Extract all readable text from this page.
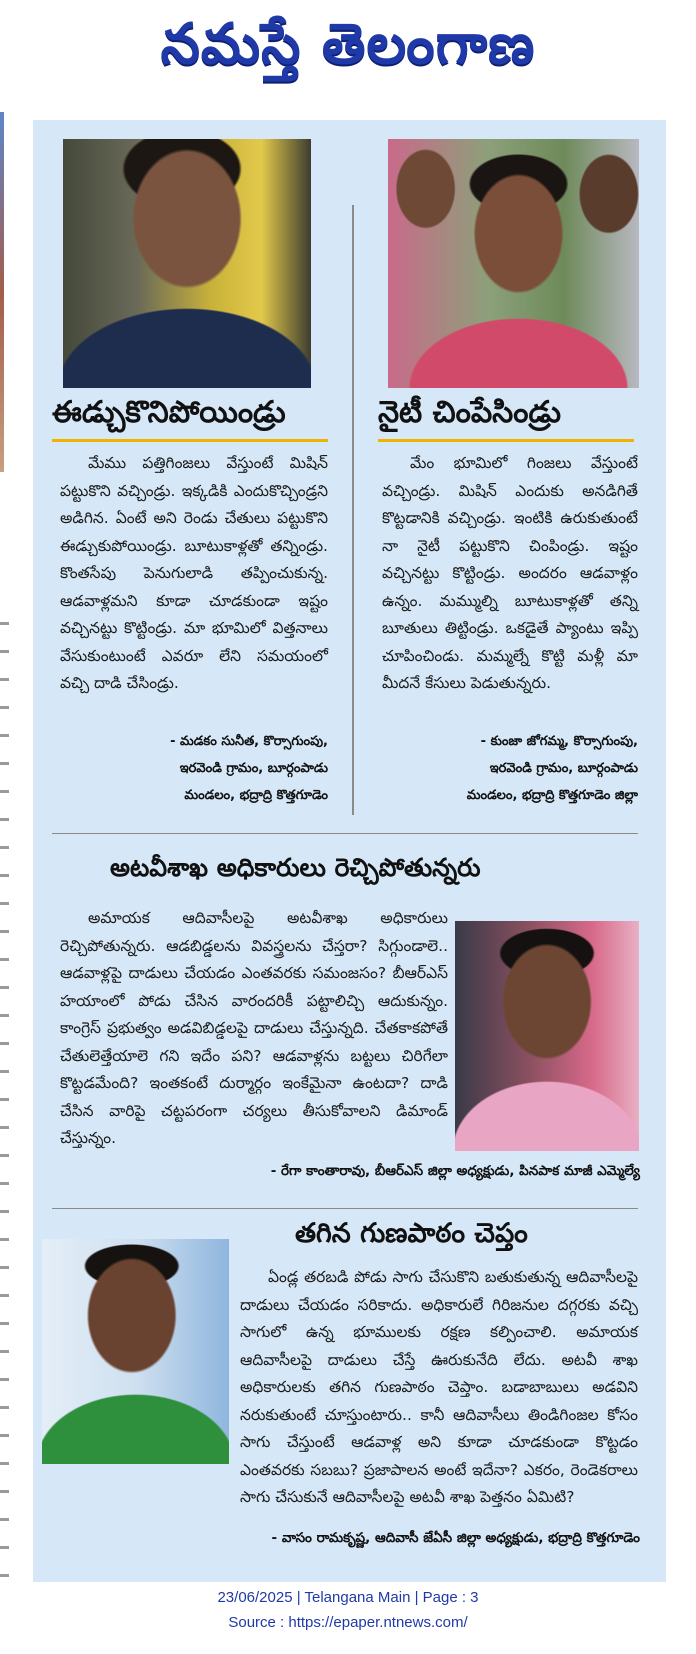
నమస్తే తెలంగాణ
ఈడ్చుకొనిపోయిండ్రు
మేము పత్తిగింజలు వేస్తుంటే మిషిన్ పట్టుకొని వచ్చిండ్రు. ఇక్కడికి ఎందుకొచ్చిండ్రని అడిగిన. ఏంటే అని రెండు చేతులు పట్టుకొని ఈడ్చుకుపోయిండ్రు. బూటుకాళ్లతో తన్నిండ్రు. కొంతసేపు పెనుగులాడి తప్పించుకున్న. ఆడవాళ్లమని కూడా చూడకుండా ఇష్టం వచ్చినట్టు కొట్టిండ్రు. మా భూమిలో విత్తనాలు వేసుకుంటుంటే ఎవరూ లేని సమయంలో వచ్చి దాడి చేసిండ్రు.
- మడకం సునీత, కొర్సాగుంపు,
ఇరవెండి గ్రామం, బూర్గంపాడు
మండలం, భద్రాద్రి కొత్తగూడెం
నైటీ చింపేసిండ్రు
మేం భూమిలో గింజలు వేస్తుంటే వచ్చిండ్రు. మిషిన్ ఎందుకు అనడిగితే కొట్టడానికి వచ్చిండ్రు. ఇంటికి ఉరుకుతుంటే నా నైటీ పట్టుకొని చింపిండ్రు. ఇష్టం వచ్చినట్టు కొట్టిండ్రు. అందరం ఆడవాళ్లం ఉన్నం. మమ్ముల్ని బూటుకాళ్లతో తన్ని బూతులు తిట్టిండ్రు. ఒకడైతే ప్యాంటు ఇప్పి చూపించిండు. మమ్మల్నే కొట్టి మళ్లీ మా మీదనే కేసులు పెడుతున్నరు.
- కుంజా జోగమ్మ, కొర్సాగుంపు,
ఇరవెండి గ్రామం, బూర్గంపాడు
మండలం, భద్రాద్రి కొత్తగూడెం జిల్లా
అటవీశాఖ అధికారులు రెచ్చిపోతున్నరు
అమాయక ఆదివాసీలపై అటవీశాఖ అధికారులు రెచ్చిపోతున్నరు. ఆడబిడ్డలను వివస్త్రలను చేస్తరా? సిగ్గుండాలె.. ఆడవాళ్లపై దాడులు చేయడం ఎంతవరకు సమంజసం? బీఆర్‌ఎస్ హయాంలో పోడు చేసిన వారందరికీ పట్టాలిచ్చి ఆదుకున్నం. కాంగ్రెస్ ప్రభుత్వం అడవిబిడ్డలపై దాడులు చేస్తున్నది. చేతకాకపోతే చేతులెత్తేయాలె గని ఇదేం పని? ఆడవాళ్లను బట్టలు చిరిగేలా కొట్టడమేంది? ఇంతకంటే దుర్మార్గం ఇంకేమైనా ఉంటదా? దాడి చేసిన వారిపై చట్టపరంగా చర్యలు తీసుకోవాలని డిమాండ్ చేస్తున్నం.
- రేగా కాంతారావు, బీఆర్‌ఎస్ జిల్లా అధ్యక్షుడు, పినపాక మాజీ ఎమ్మెల్యే
తగిన గుణపాఠం చెప్తం
ఏండ్ల తరబడి పోడు సాగు చేసుకొని బతుకుతున్న ఆదివాసీలపై దాడులు చేయడం సరికాదు. అధికారులే గిరిజనుల దగ్గరకు వచ్చి సాగులో ఉన్న భూములకు రక్షణ కల్పించాలి. అమాయక ఆదివాసీలపై దాడులు చేస్తే ఊరుకునేది లేదు. అటవీ శాఖ అధికారులకు తగిన గుణపాఠం చెప్తాం. బడాబాబులు అడవిని నరుకుతుంటే చూస్తుంటారు.. కానీ ఆదివాసీలు తిండిగింజల కోసం సాగు చేస్తుంటే ఆడవాళ్ల అని కూడా చూడకుండా కొట్టడం ఎంతవరకు సబబు? ప్రజాపాలన అంటే ఇదేనా? ఎకరం, రెండెకరాలు సాగు చేసుకునే ఆదివాసీలపై అటవీ శాఖ పెత్తనం ఏమిటి?
- వాసం రామకృష్ణ, ఆదివాసీ జేఏసీ జిల్లా అధ్యక్షుడు, భద్రాద్రి కొత్తగూడెం
23/06/2025 | Telangana Main | Page : 3
Source : https://epaper.ntnews.com/
